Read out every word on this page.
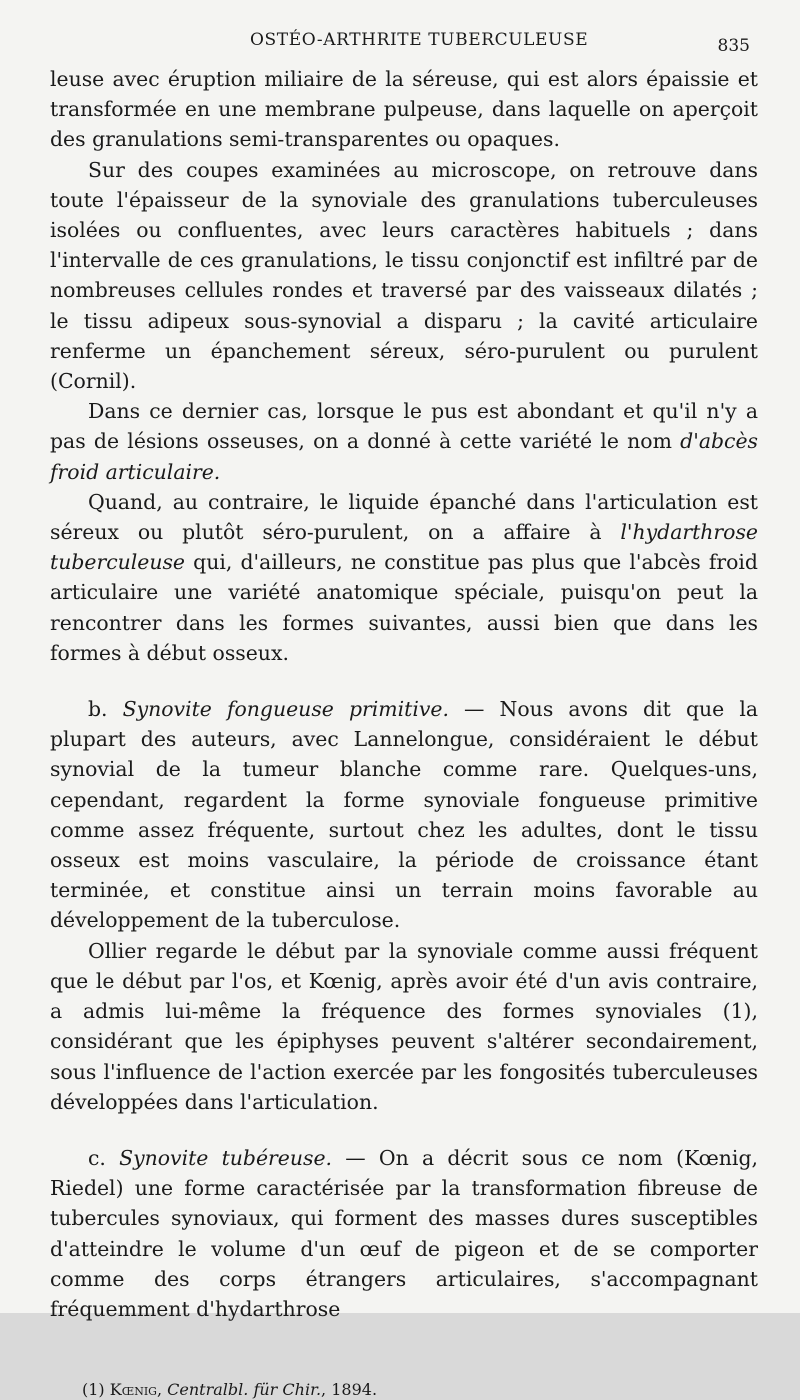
OSTÉO-ARTHRITE TUBERCULEUSE	835

leuse avec éruption miliaire de la séreuse, qui est alors épaissie et transformée en une membrane pulpeuse, dans laquelle on aperçoit des granulations semi-transparentes ou opaques.

Sur des coupes examinées au microscope, on retrouve dans toute l'épaisseur de la synoviale des granulations tuberculeuses isolées ou confluentes, avec leurs caractères habituels ; dans l'intervalle de ces granulations, le tissu conjonctif est infiltré par de nombreuses cellules rondes et traversé par des vaisseaux dilatés ; le tissu adipeux sous-synovial a disparu ; la cavité articulaire renferme un épanchement séreux, séro-purulent ou purulent (Cornil).

Dans ce dernier cas, lorsque le pus est abondant et qu'il n'y a pas de lésions osseuses, on a donné à cette variété le nom d'abcès froid articulaire.

Quand, au contraire, le liquide épanché dans l'articulation est séreux ou plutôt séro-purulent, on a affaire à l'hydarthrose tuberculeuse qui, d'ailleurs, ne constitue pas plus que l'abcès froid articulaire une variété anatomique spéciale, puisqu'on peut la rencontrer dans les formes suivantes, aussi bien que dans les formes à début osseux.

b. Synovite fongueuse primitive. — Nous avons dit que la plupart des auteurs, avec Lannelongue, considéraient le début synovial de la tumeur blanche comme rare. Quelques-uns, cependant, regardent la forme synoviale fongueuse primitive comme assez fréquente, surtout chez les adultes, dont le tissu osseux est moins vasculaire, la période de croissance étant terminée, et constitue ainsi un terrain moins favorable au développement de la tuberculose.

Ollier regarde le début par la synoviale comme aussi fréquent que le début par l'os, et Kœnig, après avoir été d'un avis contraire, a admis lui-même la fréquence des formes synoviales (1), considérant que les épiphyses peuvent s'altérer secondairement, sous l'influence de l'action exercée par les fongosités tuberculeuses développées dans l'articulation.

c. Synovite tubéreuse. — On a décrit sous ce nom (Kœnig, Riedel) une forme caractérisée par la transformation fibreuse de tubercules synoviaux, qui forment des masses dures susceptibles d'atteindre le volume d'un œuf de pigeon et de se comporter comme des corps étrangers articulaires, s'accompagnant fréquemment d'hydarthrose

(1) Kœnig, Centralbl. für Chir., 1894.
